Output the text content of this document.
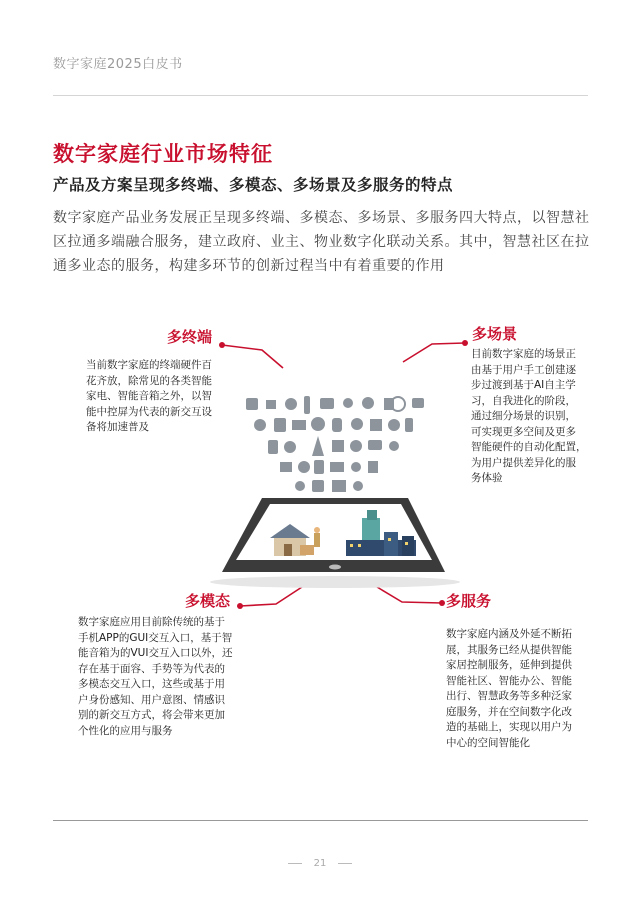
数字家庭2025白皮书
数字家庭行业市场特征
产品及方案呈现多终端、多模态、多场景及多服务的特点
数字家庭产品业务发展正呈现多终端、多模态、多场景、多服务四大特点，以智慧社区拉通多端融合服务，建立政府、业主、物业数字化联动关系。其中，智慧社区在拉通多业态的服务，构建多环节的创新过程当中有着重要的作用
多终端	多场景
多模态	多服务
当前数字家庭的终端硬件百
花齐放，除常见的各类智能
家电、智能音箱之外，以智
能中控屏为代表的新交互设
备将加速普及
目前数字家庭的场景正
由基于用户手工创建逐
步过渡到基于AI自主学
习，自我进化的阶段，
通过细分场景的识别，
可实现更多空间及更多
智能硬件的自动化配置，
为用户提供差异化的服
务体验
数字家庭应用目前除传统的基于
手机APP的GUI交互入口，基于智
能音箱为的VUI交互入口以外，还
存在基于面容、手势等为代表的
多模态交互入口，这些或基于用
户身份感知、用户意图、情感识
别的新交互方式，将会带来更加
个性化的应用与服务
数字家庭内涵及外延不断拓
展，其服务已经从提供智能
家居控制服务，延伸到提供
智能社区、智能办公、智能
出行、智慧政务等多种泛家
庭服务，并在空间数字化改
造的基础上，实现以用户为
中心的空间智能化
21
